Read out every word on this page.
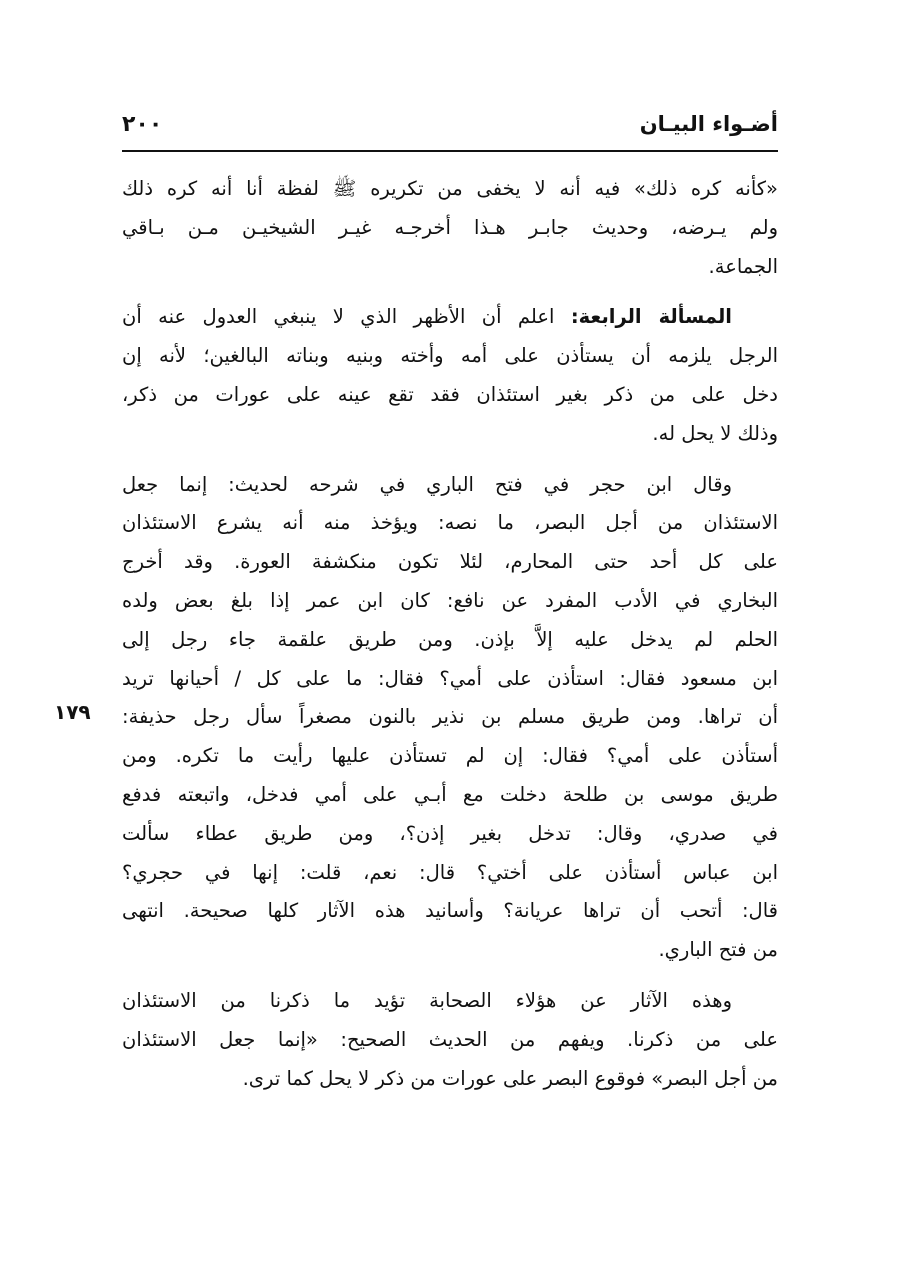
أضـواء البيـان
٢٠٠
١٧٩
«كأنه كره ذلك» فيه أنه لا يخفى من تكريره ﷺ لفظة أنا أنه كره ذلك
ولم يـرضه، وحديث جابـر هـذا أخرجـه غيـر الشيخيـن مـن بـاقي
الجماعة.
المسألة الرابعة: اعلم أن الأظهر الذي لا ينبغي العدول عنه أن
الرجل يلزمه أن يستأذن على أمه وأخته وبنيه وبناته البالغين؛ لأنه إن
دخل على من ذكر بغير استئذان فقد تقع عينه على عورات من ذكر،
وذلك لا يحل له.
وقال ابن حجر في فتح الباري في شرحه لحديث: إنما جعل
الاستئذان من أجل البصر، ما نصه: ويؤخذ منه أنه يشرع الاستئذان
على كل أحد حتى المحارم، لئلا تكون منكشفة العورة. وقد أخرج
البخاري في الأدب المفرد عن نافع: كان ابن عمر إذا بلغ بعض ولده
الحلم لم يدخل عليه إلاَّ بإذن. ومن طريق علقمة جاء رجل إلى
ابن مسعود فقال: استأذن على أمي؟ فقال: ما على كل / أحيانها تريد
أن تراها. ومن طريق مسلم بن نذير بالنون مصغراً سأل رجل حذيفة:
أستأذن على أمي؟ فقال: إن لم تستأذن عليها رأيت ما تكره. ومن
طريق موسى بن طلحة دخلت مع أبـي على أمي فدخل، واتبعته فدفع
في صدري، وقال: تدخل بغير إذن؟، ومن طريق عطاء سألت
ابن عباس أستأذن على أختي؟ قال: نعم، قلت: إنها في حجري؟
قال: أتحب أن تراها عريانة؟ وأسانيد هذه الآثار كلها صحيحة. انتهى
من فتح الباري.
وهذه الآثار عن هؤلاء الصحابة تؤيد ما ذكرنا من الاستئذان
على من ذكرنا. ويفهم من الحديث الصحيح: «إنما جعل الاستئذان
من أجل البصر» فوقوع البصر على عورات من ذكر لا يحل كما ترى.
